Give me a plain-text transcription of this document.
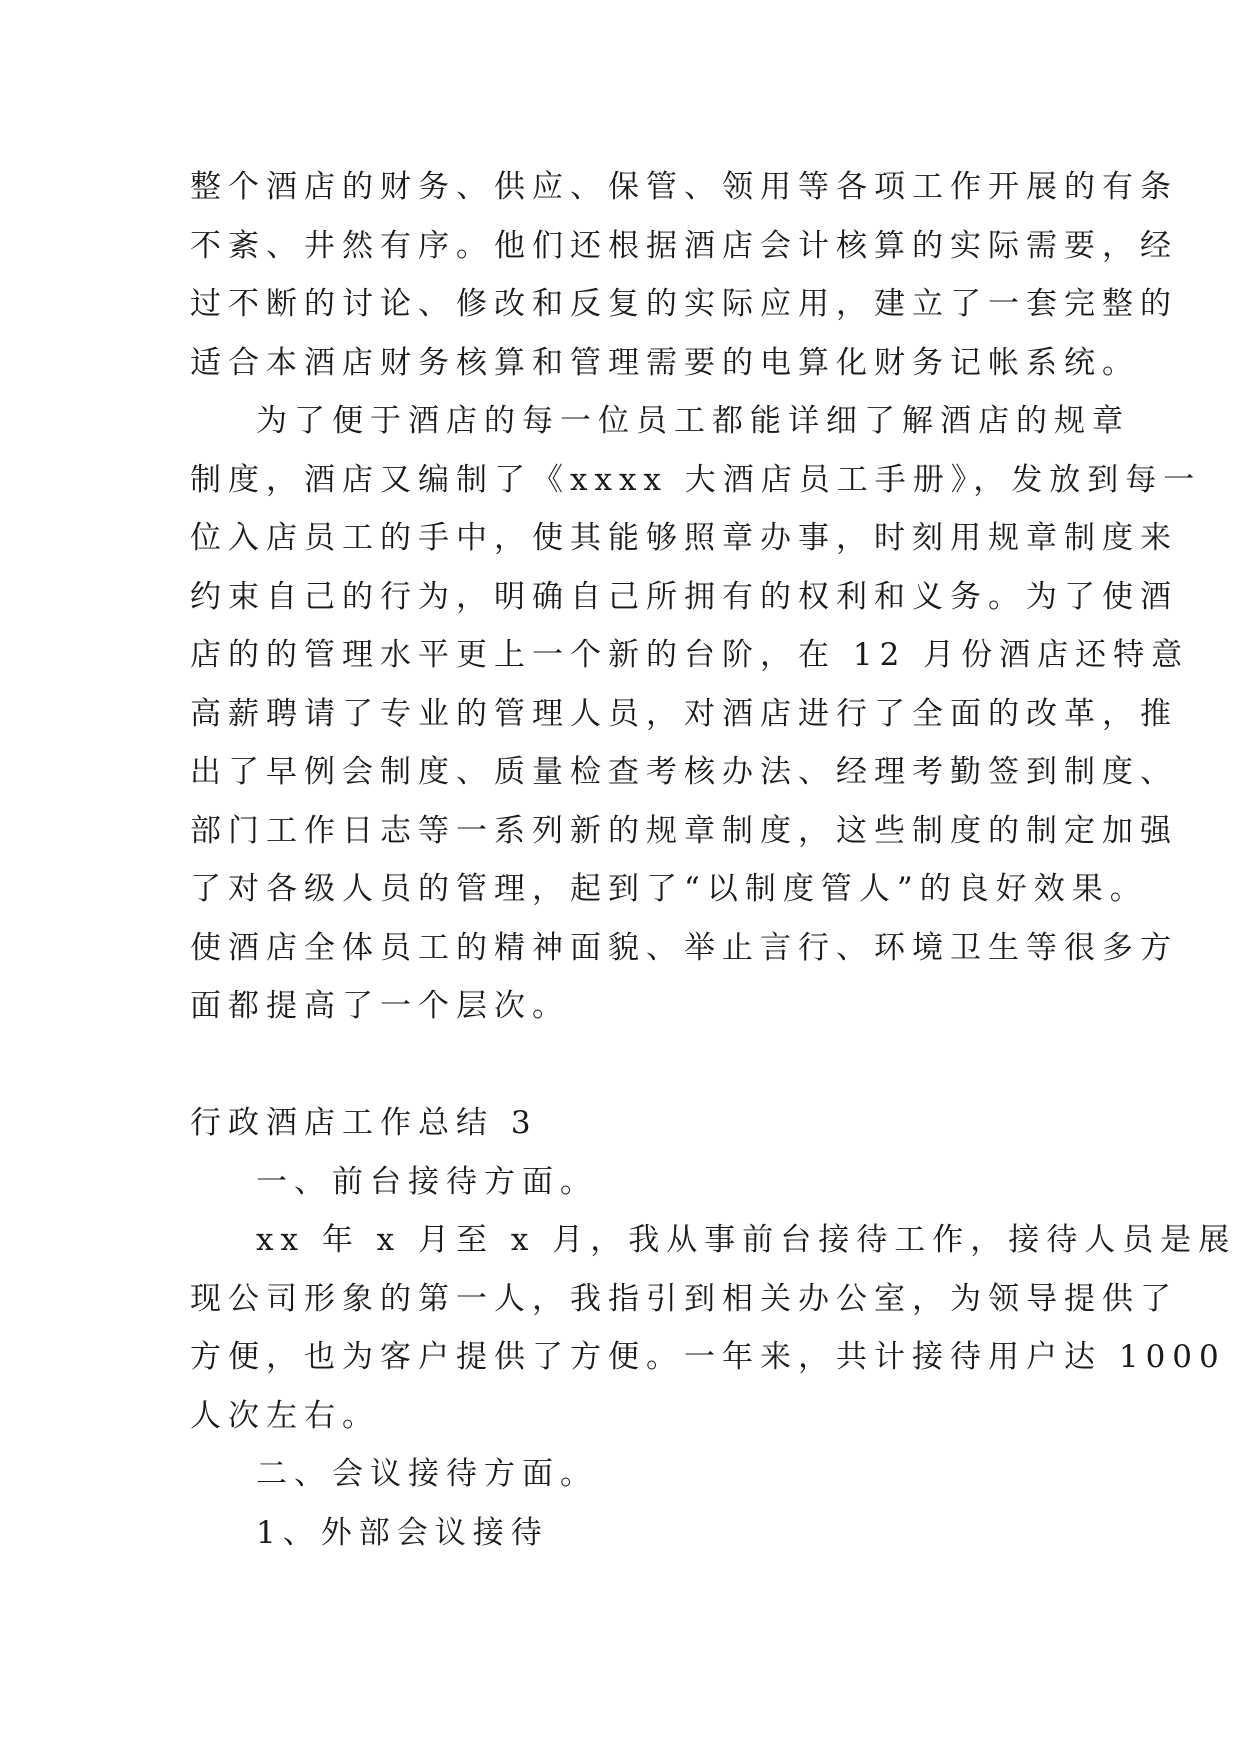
整个酒店的财务、供应、保管、领用等各项工作开展的有条
不紊、井然有序。他们还根据酒店会计核算的实际需要，经
过不断的讨论、修改和反复的实际应用，建立了一套完整的
适合本酒店财务核算和管理需要的电算化财务记帐系统。
为了便于酒店的每一位员工都能详细了解酒店的规章
制度，酒店又编制了《xxxx 大酒店员工手册》，发放到每一
位入店员工的手中，使其能够照章办事，时刻用规章制度来
约束自己的行为，明确自己所拥有的权利和义务。为了使酒
店的的管理水平更上一个新的台阶，在 12 月份酒店还特意
高薪聘请了专业的管理人员，对酒店进行了全面的改革，推
出了早例会制度、质量检查考核办法、经理考勤签到制度、
部门工作日志等一系列新的规章制度，这些制度的制定加强
了对各级人员的管理，起到了“以制度管人”的良好效果。
使酒店全体员工的精神面貌、举止言行、环境卫生等很多方
面都提高了一个层次。
行政酒店工作总结 3
一、前台接待方面。
xx 年 x 月至 x 月，我从事前台接待工作，接待人员是展
现公司形象的第一人，我指引到相关办公室，为领导提供了
方便，也为客户提供了方便。一年来，共计接待用户达 1000
人次左右。
二、会议接待方面。
1、外部会议接待
